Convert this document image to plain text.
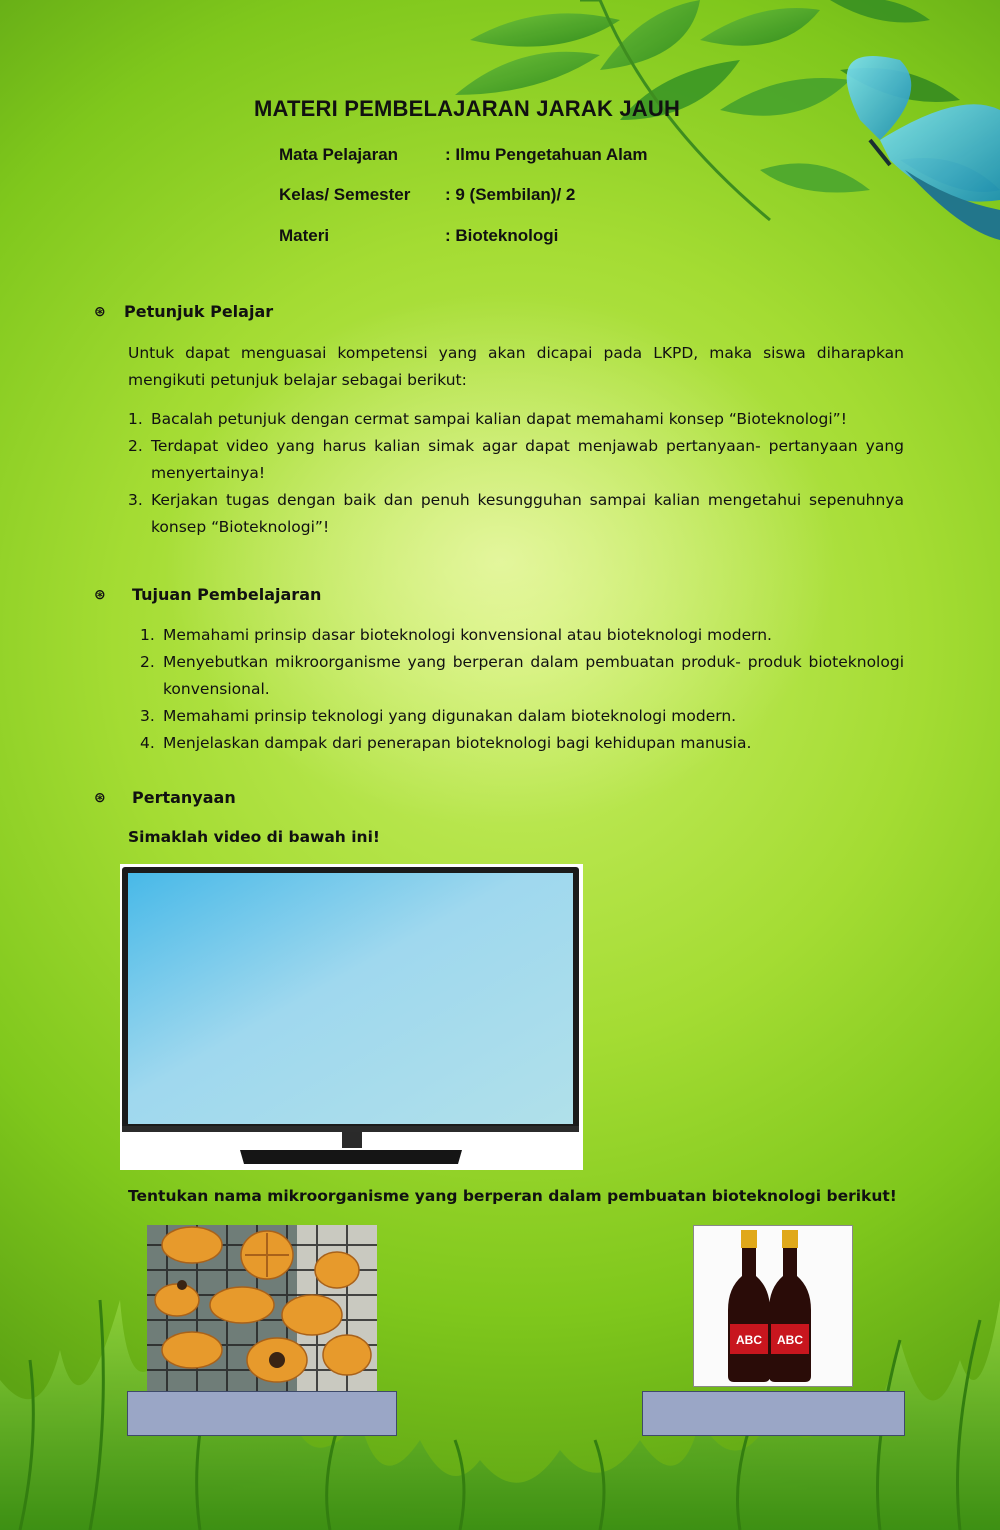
MATERI PEMBELAJARAN JARAK JAUH
Mata Pelajaran	: Ilmu Pengetahuan Alam
Kelas/ Semester : 9 (Sembilan)/ 2
Materi	: Bioteknologi
⊛ Petunjuk Pelajar

Untuk dapat menguasai kompetensi yang akan dicapai pada LKPD, maka siswa diharapkan mengikuti petunjuk belajar sebagai berikut:

1. Bacalah petunjuk dengan cermat sampai kalian dapat memahami konsep “Bioteknologi”!
2. Terdapat video yang harus kalian simak agar dapat menjawab pertanyaan- pertanyaan yang menyertainya!
3. Kerjakan tugas dengan baik dan penuh kesungguhan sampai kalian mengetahui sepenuhnya konsep “Bioteknologi”!
⊛ Tujuan Pembelajaran
1. Memahami prinsip dasar bioteknologi konvensional atau bioteknologi modern.
2. Menyebutkan mikroorganisme yang berperan dalam pembuatan produk- produk bioteknologi konvensional.
3. Memahami prinsip teknologi yang digunakan dalam bioteknologi modern.
4. Menjelaskan dampak dari penerapan bioteknologi bagi kehidupan manusia.
⊛ Pertanyaan
Simaklah video di bawah ini!
Tentukan nama mikroorganisme yang berperan dalam pembuatan bioteknologi berikut!
ABC ABC
